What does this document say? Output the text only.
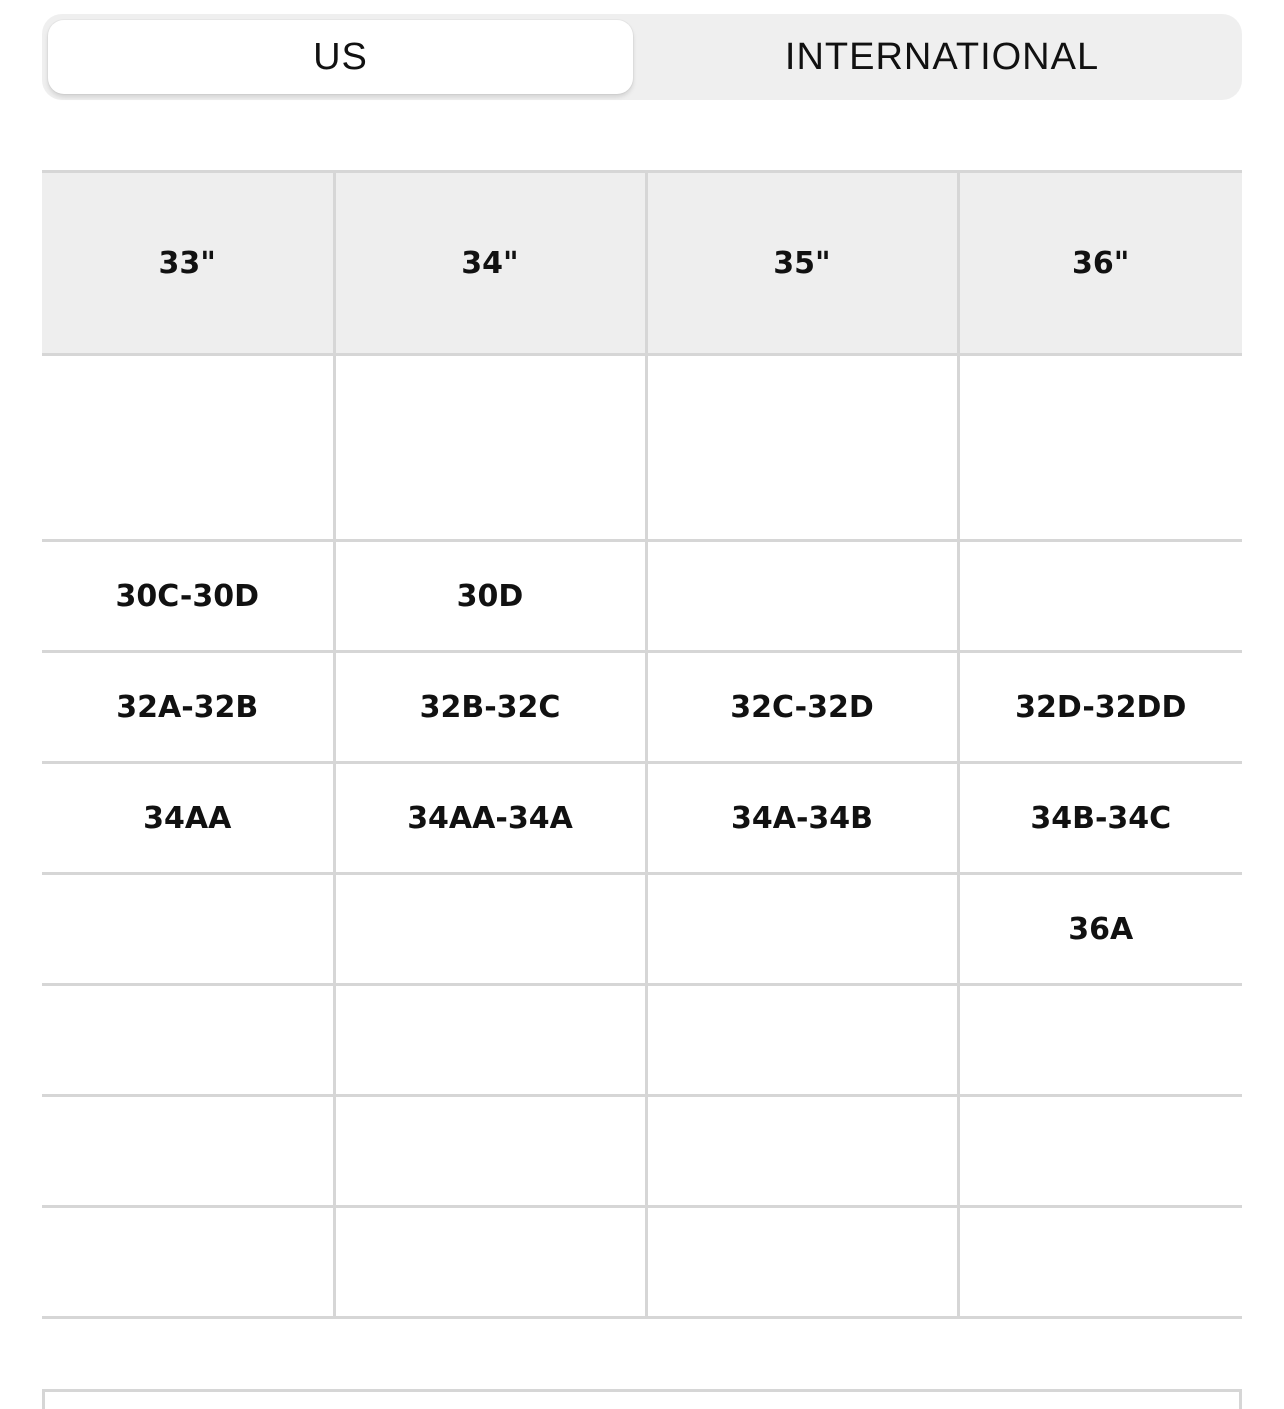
US	INTERNATIONAL
33"	34"	35"	36"

30C-30D	30D		
32A-32B	32B-32C	32C-32D	32D-32DD
34AA	34AA-34A	34A-34B	34B-34C
			36A
